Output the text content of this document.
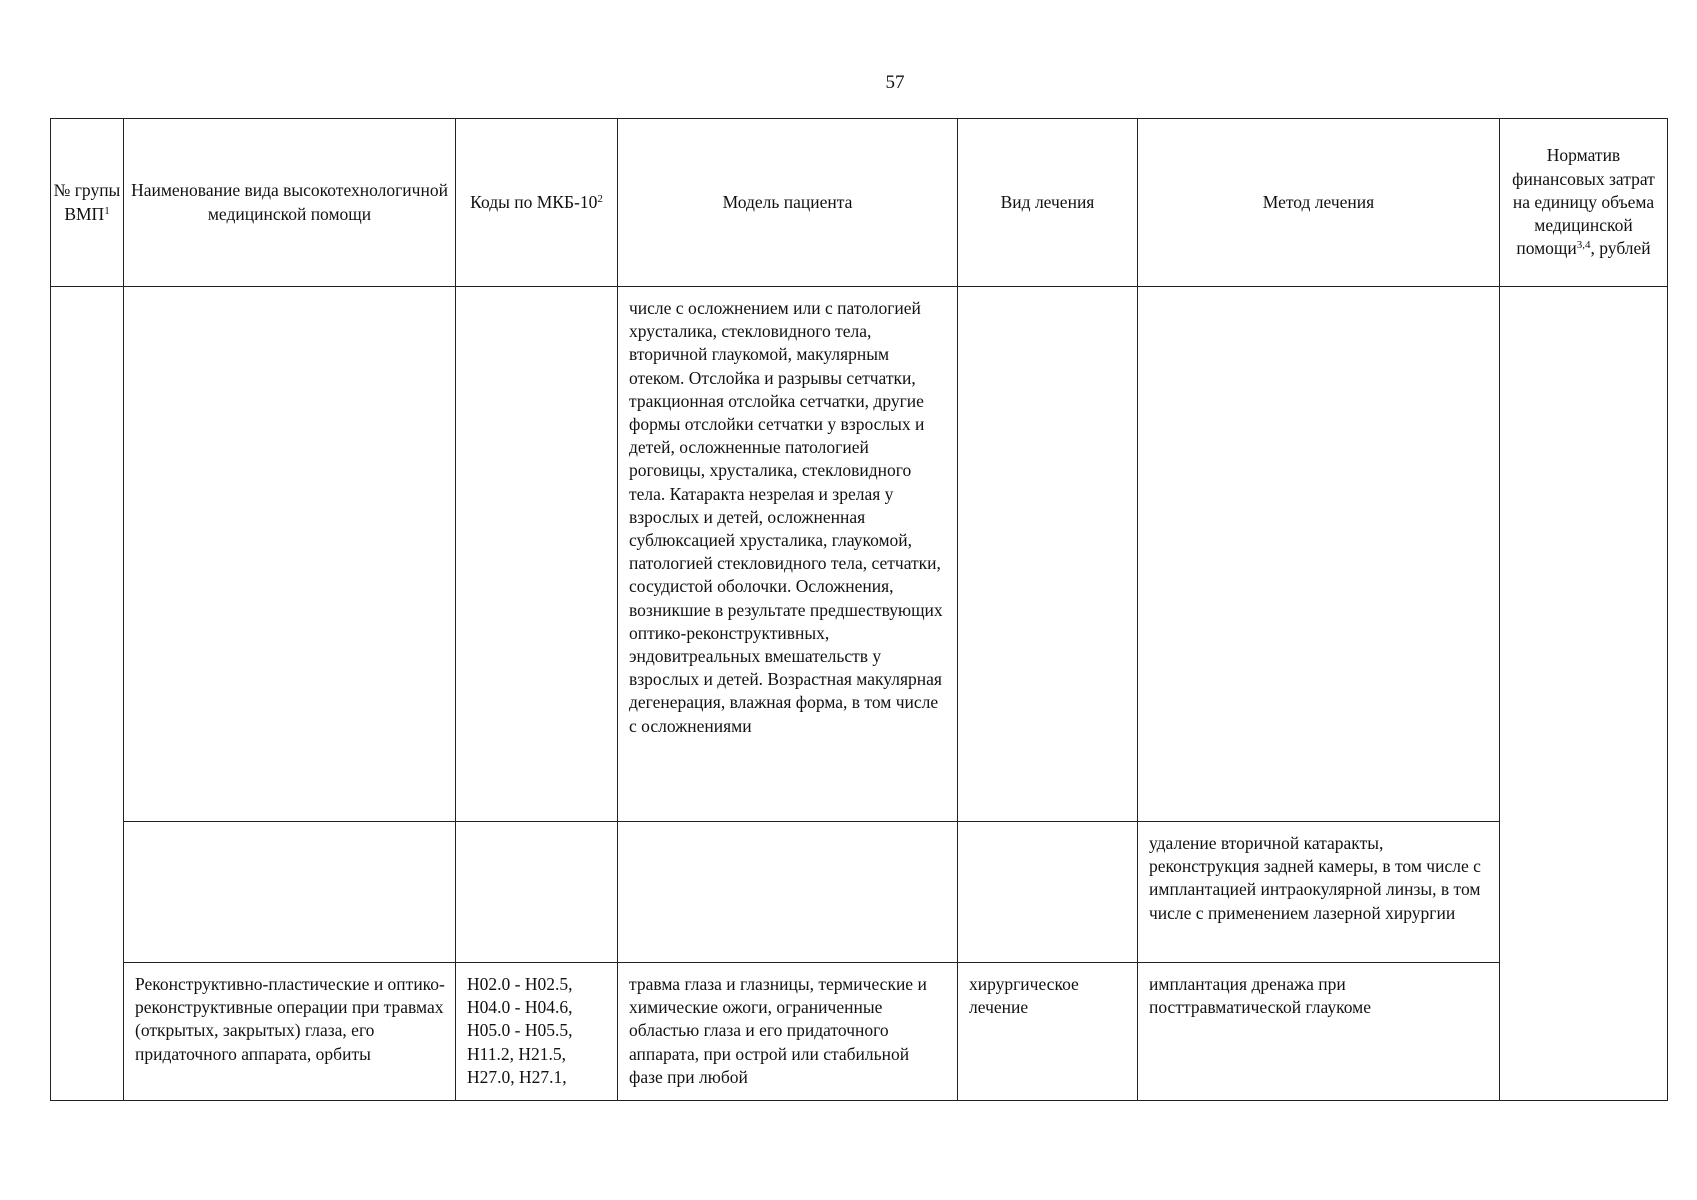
57
№ групы ВМП$^1$	Наименование вида высокотехнологичной медицинской помощи	Коды по МКБ-$10^2$	Модель пациента	Вид лечения	Метод лечения	Норматив финансовых затрат на единицу объема медицинской помощи$^{3,4}$, рублей

			числе с осложнением или с патологией хрусталика, стекловидного тела, вторичной глаукомой, макулярным отеком. Отслойка и разрывы сетчатки, тракционная отслойка сетчатки, другие формы отслойки сетчатки у взрослых и детей, осложненные патологией роговицы, хрусталика, стекловидного тела. Катаракта незрелая и зрелая у взрослых и детей, осложненная сублюксацией хрусталика, глаукомой, патологией стекловидного тела, сетчатки, сосудистой оболочки. Осложнения, возникшие в результате предшествующих оптико-реконструктивных, эндовитреальных вмешательств у взрослых и детей. Возрастная макулярная дегенерация, влажная форма, в том числе с осложнениями			

					удаление вторичной катаракты, реконструкция задней камеры, в том числе с имплантацией интраокулярной линзы, в том числе с применением лазерной хирургии	

	Реконструктивно-пластические и оптико-реконструктивные операции при травмах (открытых, закрытых) глаза, его придаточного аппарата, орбиты	H02.0 - H02.5, H04.0 - H04.6, H05.0 - H05.5, H11.2, H21.5, H27.0, H27.1,	травма глаза и глазницы, термические и химические ожоги, ограниченные областью глаза и его придаточного аппарата, при острой или стабильной фазе при любой	хирургическое лечение	имплантация дренажа при посттравматической глаукоме	
